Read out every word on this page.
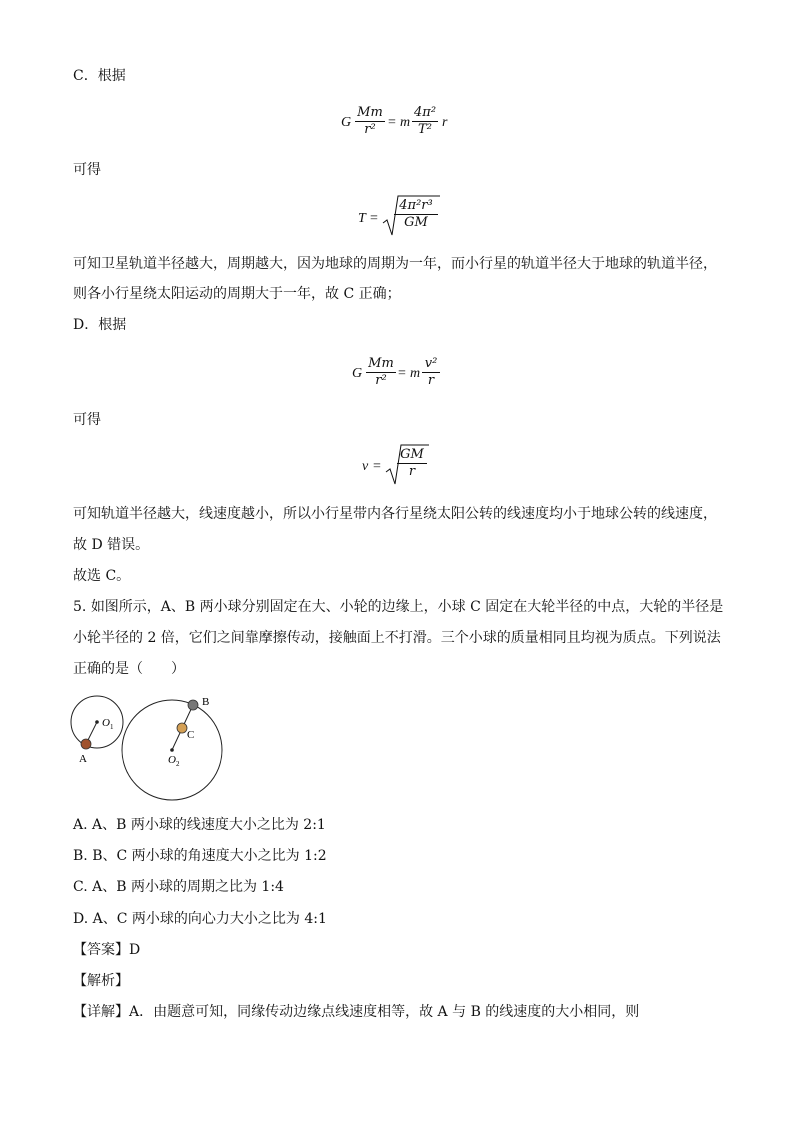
C．根据
G $\frac{Mm}{\text{r²}} = m \frac{\text{4π²}}{\text{T²}}$ r
可得
$T = \frac{\text{4π²r³}}{GM}$
可知卫星轨道半径越大，周期越大，因为地球的周期为一年，而小行星的轨道半径大于地球的轨道半径，
则各小行星绕太阳运动的周期大于一年，故 C 正确；
D．根据
G $\frac{Mm}{\text{r²}} = m \frac{\text{v²}}{r}$
可得
$v = \frac{GM}{r}$
可知轨道半径越大，线速度越小，所以小行星带内各行星绕太阳公转的线速度均小于地球公转的线速度，
故 D 错误。
故选 C。
5. 如图所示，A、B 两小球分别固定在大、小轮的边缘上，小球 C 固定在大轮半径的中点，大轮的半径是
小轮半径的 2 倍，它们之间靠摩擦传动，接触面上不打滑。三个小球的质量相同且均视为质点。下列说法
正确的是（　　）
$O_1$
$O_2$
A
B
C
A. A、B 两小球的线速度大小之比为 2:1
B. B、C 两小球的角速度大小之比为 1:2
C. A、B 两小球的周期之比为 1:4
D. A、C 两小球的向心力大小之比为 4:1
【答案】D
【解析】
【详解】A．由题意可知，同缘传动边缘点线速度相等，故 A 与 B 的线速度的大小相同，则
